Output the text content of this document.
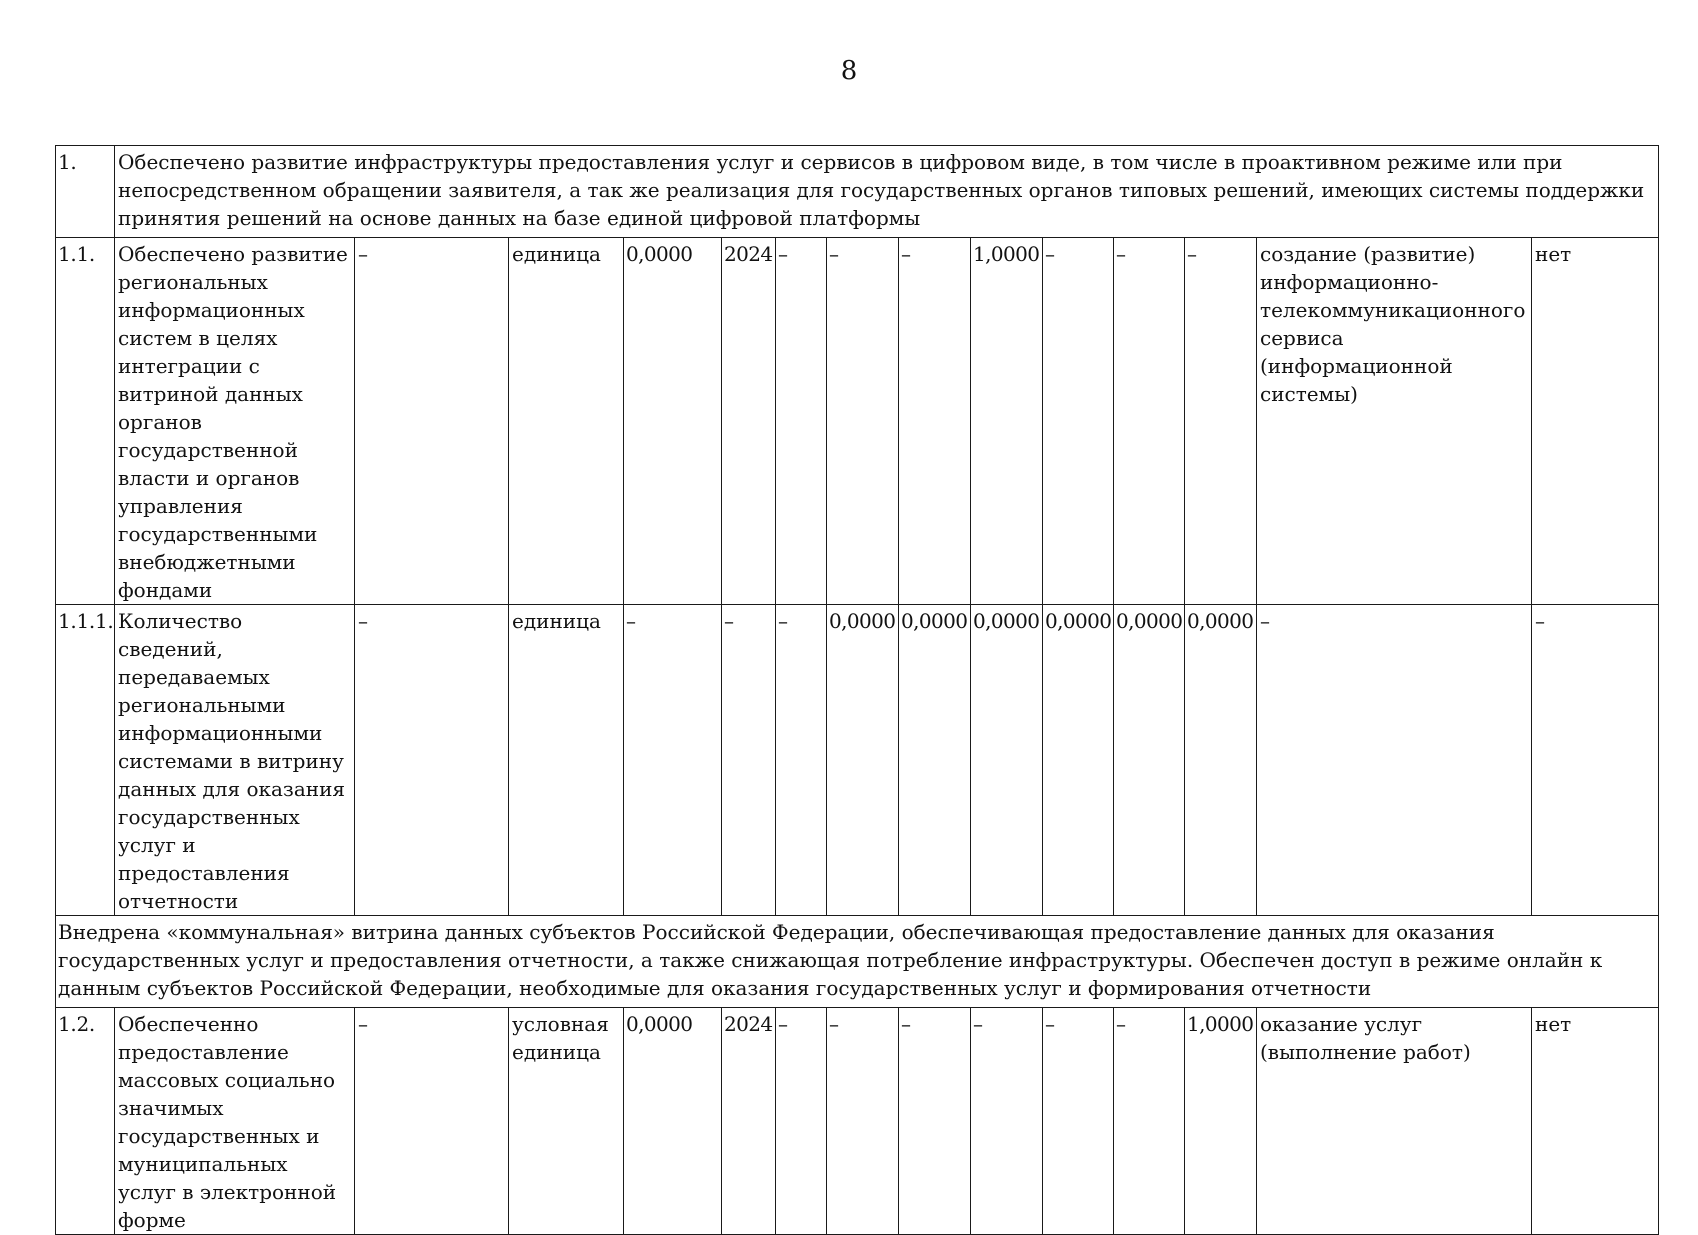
8
1.	Обеспечено развитие инфраструктуры предоставления услуг и сервисов в цифровом виде, в том числе в проактивном режиме или при непосредственном обращении заявителя, а так же реализация для государственных органов типовых решений, имеющих системы поддержки принятия решений на основе данных на базе единой цифровой платформы													
1.1.	Обеспечено развитие региональных информационных систем в целях интеграции с витриной данных органов государственной власти и органов управления государственными внебюджетными фондами	–	единица	0,0000	2024	–	–	–	1,0000	–	–	–	создание (развитие) информационно-телекоммуникационного сервиса (информационной системы)	нет
1.1.1.	Количество сведений, передаваемых региональными информационными системами в витрину данных для оказания государственных услуг и предоставления отчетности	–	единица	–	–	–	0,0000	0,0000	0,0000	0,0000	0,0000	0,0000	–	–
Внедрена «коммунальная» витрина данных субъектов Российской Федерации, обеспечивающая предоставление данных для оказания государственных услуг и предоставления отчетности, а также снижающая потребление инфраструктуры. Обеспечен доступ в режиме онлайн к данным субъектов Российской Федерации, необходимые для оказания государственных услуг и формирования отчетности														
1.2.	Обеспеченно предоставление массовых социально значимых государственных и муниципальных услуг в электронной форме	–	условная единица	0,0000	2024	–	–	–	–	–	–	1,0000	оказание услуг (выполнение работ)	нет
